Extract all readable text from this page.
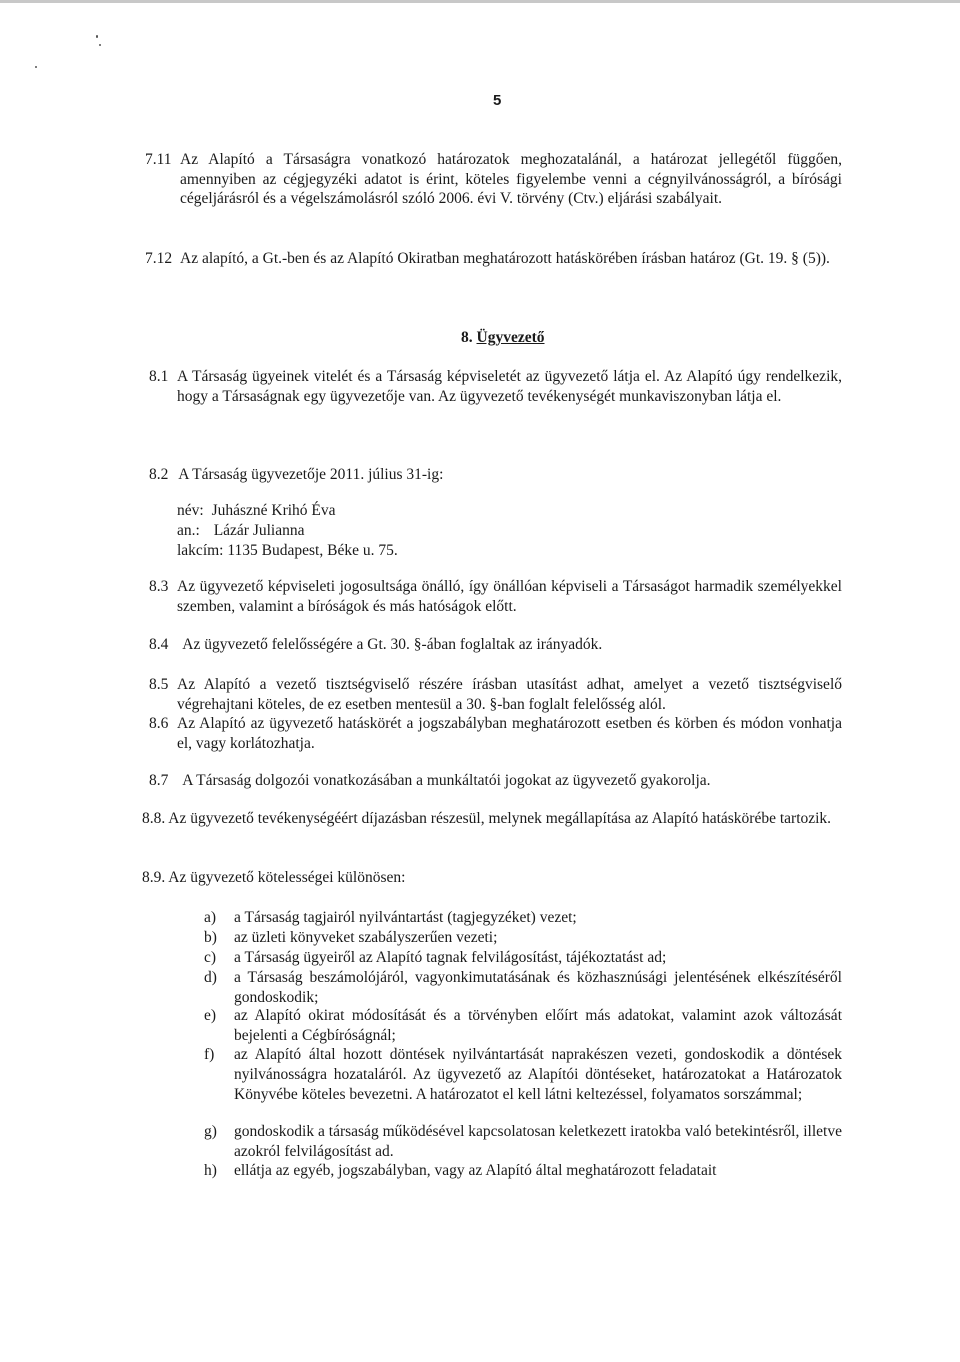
5
7.11 Az Alapító a Társaságra vonatkozó határozatok meghozatalánál, a határozat jellegétől függően, amennyiben az cégjegyzéki adatot is érint, köteles figyelembe venni a cégnyilvánosságról, a bírósági cégeljárásról és a végelszámolásról szóló 2006. évi V. törvény (Ctv.) eljárási szabályait.
7.12 Az alapító, a Gt.-ben és az Alapító Okiratban meghatározott hatáskörében írásban határoz (Gt. 19. § (5)).
8. Ügyvezető
8.1 A Társaság ügyeinek vitelét és a Társaság képviseletét az ügyvezető látja el. Az Alapító úgy rendelkezik, hogy a Társaságnak egy ügyvezetője van. Az ügyvezető tevékenységét munkaviszonyban látja el.
8.2 A Társaság ügyvezetője 2011. július 31-ig:
név: Juhászné Krihó Éva
an.: Lázár Julianna
lakcím: 1135 Budapest, Béke u. 75.
8.3 Az ügyvezető képviseleti jogosultsága önálló, így önállóan képviseli a Társaságot harmadik személyekkel szemben, valamint a bíróságok és más hatóságok előtt.
8.4 Az ügyvezető felelősségére a Gt. 30. §-ában foglaltak az irányadók.
8.5 Az Alapító a vezető tisztségviselő részére írásban utasítást adhat, amelyet a vezető tisztségviselő végrehajtani köteles, de ez esetben mentesül a 30. §-ban foglalt felelősség alól.
8.6 Az Alapító az ügyvezető hatáskörét a jogszabályban meghatározott esetben és körben és módon vonhatja el, vagy korlátozhatja.
8.7 A Társaság dolgozói vonatkozásában a munkáltatói jogokat az ügyvezető gyakorolja.
8.8. Az ügyvezető tevékenységéért díjazásban részesül, melynek megállapítása az Alapító hatáskörébe tartozik.
8.9. Az ügyvezető kötelességei különösen:
a) a Társaság tagjairól nyilvántartást (tagjegyzéket) vezet;
b) az üzleti könyveket szabályszerűen vezeti;
c) a Társaság ügyeiről az Alapító tagnak felvilágosítást, tájékoztatást ad;
d) a Társaság beszámolójáról, vagyonkimutatásának és közhasznúsági jelentésének elkészítéséről gondoskodik;
e) az Alapító okirat módosítását és a törvényben előírt más adatokat, valamint azok változását bejelenti a Cégbíróságnál;
f) az Alapító által hozott döntések nyilvántartását naprakészen vezeti, gondoskodik a döntések nyilvánosságra hozataláról. Az ügyvezető az Alapítói döntéseket, határozatokat a Határozatok Könyvébe köteles bevezetni. A határozatot el kell látni keltezéssel, folyamatos sorszámmal;
g) gondoskodik a társaság működésével kapcsolatosan keletkezett iratokba való betekintésről, illetve azokról felvilágosítást ad.
h) ellátja az egyéb, jogszabályban, vagy az Alapító által meghatározott feladatait
